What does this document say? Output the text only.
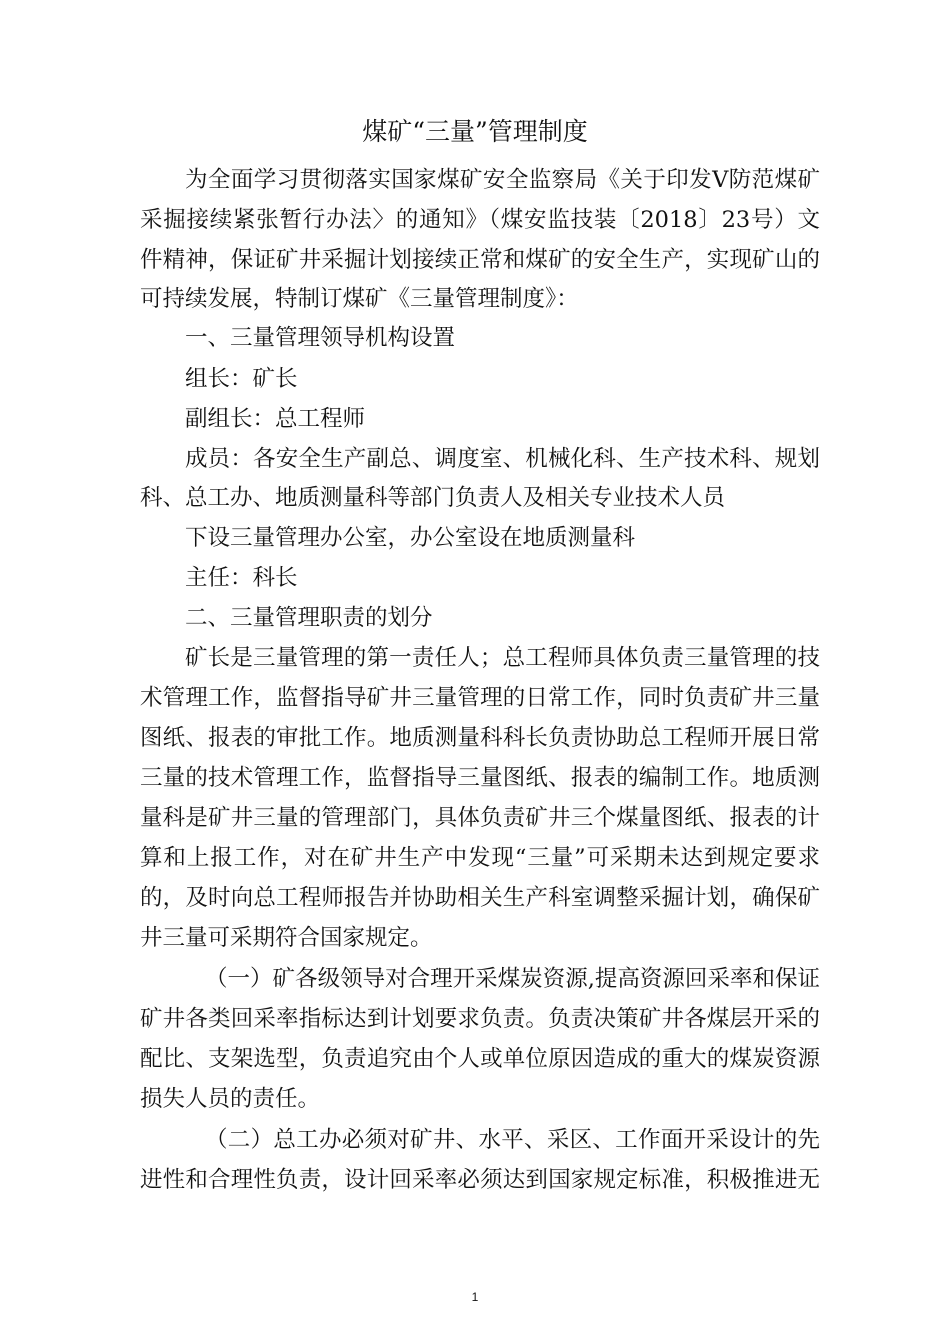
煤矿“三量”管理制度
为全面学习贯彻落实国家煤矿安全监察局《关于印发V防范煤矿
采掘接续紧张暂行办法〉的通知》（煤安监技装〔2018〕23号）文
件精神，保证矿井采掘计划接续正常和煤矿的安全生产，实现矿山的
可持续发展，特制订煤矿《三量管理制度》：
一、三量管理领导机构设置
组长：矿长
副组长：总工程师
成员：各安全生产副总、调度室、机械化科、生产技术科、规划
科、总工办、地质测量科等部门负责人及相关专业技术人员
下设三量管理办公室，办公室设在地质测量科
主任：科长
二、三量管理职责的划分
矿长是三量管理的第一责任人；总工程师具体负责三量管理的技
术管理工作，监督指导矿井三量管理的日常工作，同时负责矿井三量
图纸、报表的审批工作。地质测量科科长负责协助总工程师开展日常
三量的技术管理工作，监督指导三量图纸、报表的编制工作。地质测
量科是矿井三量的管理部门，具体负责矿井三个煤量图纸、报表的计
算和上报工作，对在矿井生产中发现“三量”可采期未达到规定要求
的，及时向总工程师报告并协助相关生产科室调整采掘计划，确保矿
井三量可采期符合国家规定。
（一）矿各级领导对合理开采煤炭资源,提高资源回采率和保证
矿井各类回采率指标达到计划要求负责。负责决策矿井各煤层开采的
配比、支架选型，负责追究由个人或单位原因造成的重大的煤炭资源
损失人员的责任。
（二）总工办必须对矿井、水平、采区、工作面开采设计的先
进性和合理性负责，设计回采率必须达到国家规定标准，积极推进无
1
